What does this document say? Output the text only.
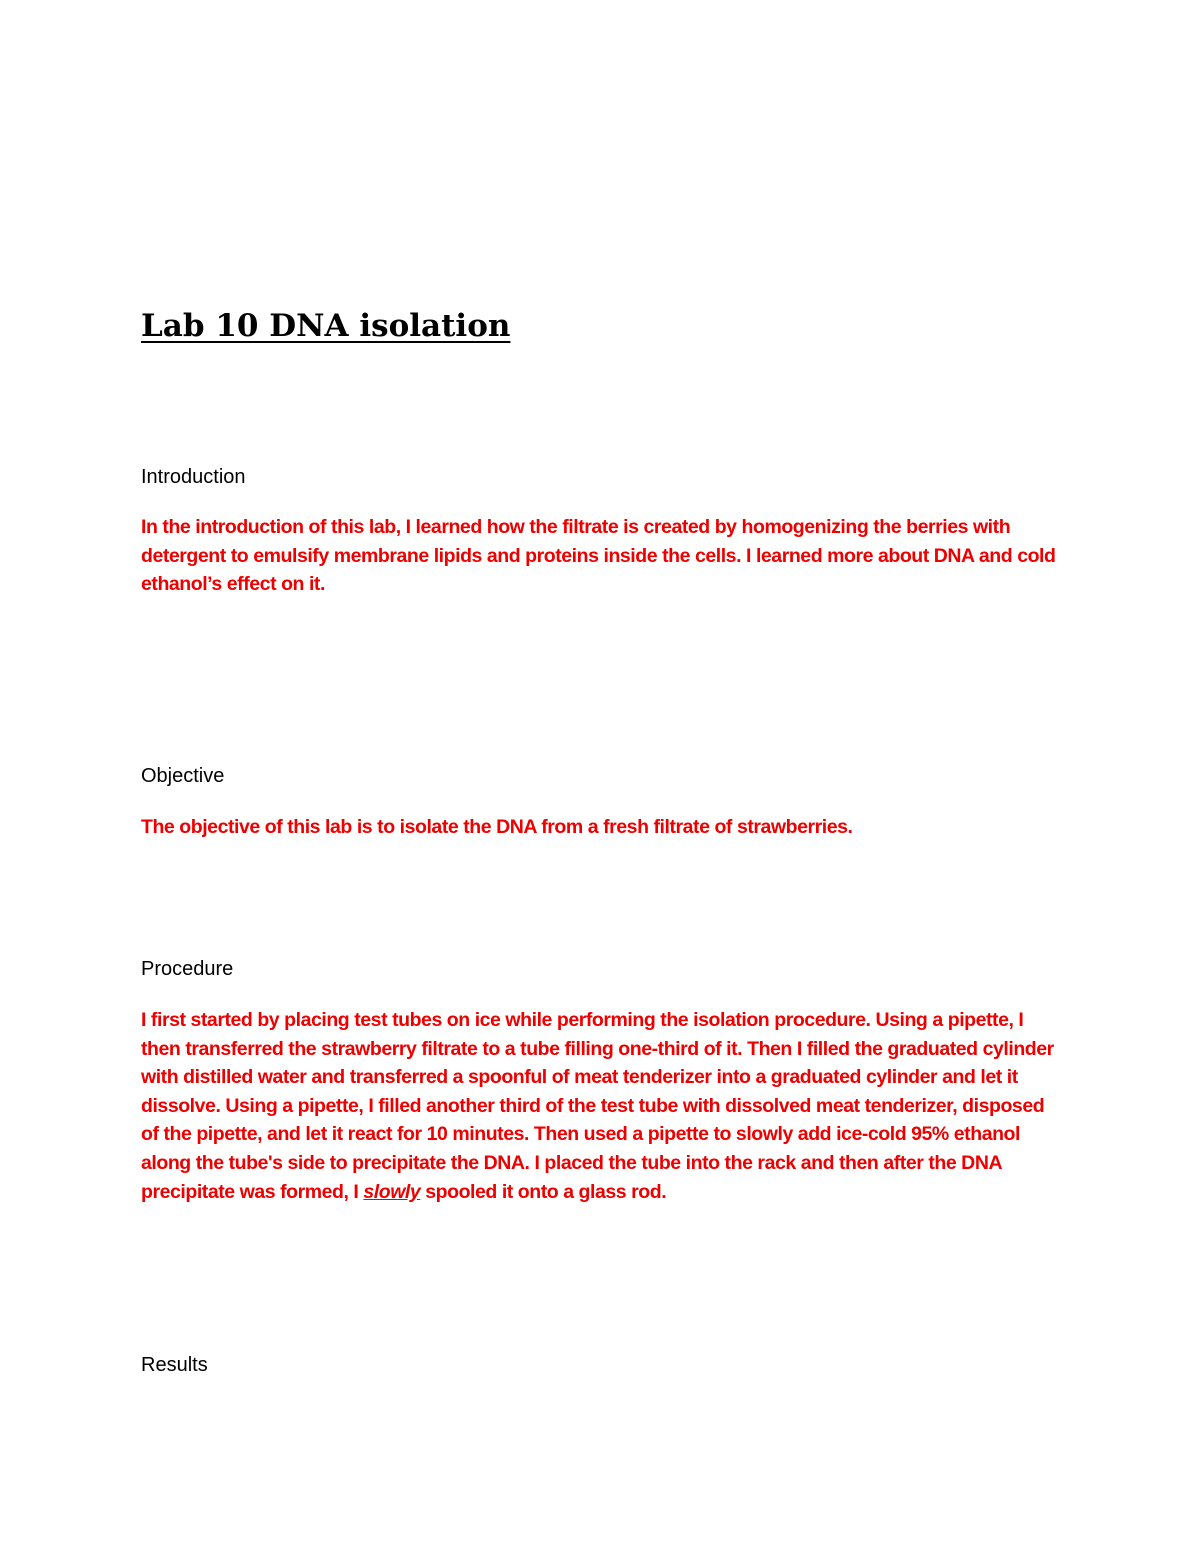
Lab 10 DNA isolation
Introduction

In the introduction of this lab, I learned how the filtrate is created by homogenizing the berries with detergent to emulsify membrane lipids and proteins inside the cells. I learned more about DNA and cold ethanol’s effect on it.

Objective

The objective of this lab is to isolate the DNA from a fresh filtrate of strawberries.

Procedure

I first started by placing test tubes on ice while performing the isolation procedure. Using a pipette, I then transferred the strawberry filtrate to a tube filling one-third of it. Then I filled the graduated cylinder with distilled water and transferred a spoonful of meat tenderizer into a graduated cylinder and let it dissolve. Using a pipette, I filled another third of the test tube with dissolved meat tenderizer, disposed of the pipette, and let it react for 10 minutes. Then used a pipette to slowly add ice-cold 95% ethanol along the tube's side to precipitate the DNA. I placed the tube into the rack and then after the DNA precipitate was formed, I slowly spooled it onto a glass rod.

Results
